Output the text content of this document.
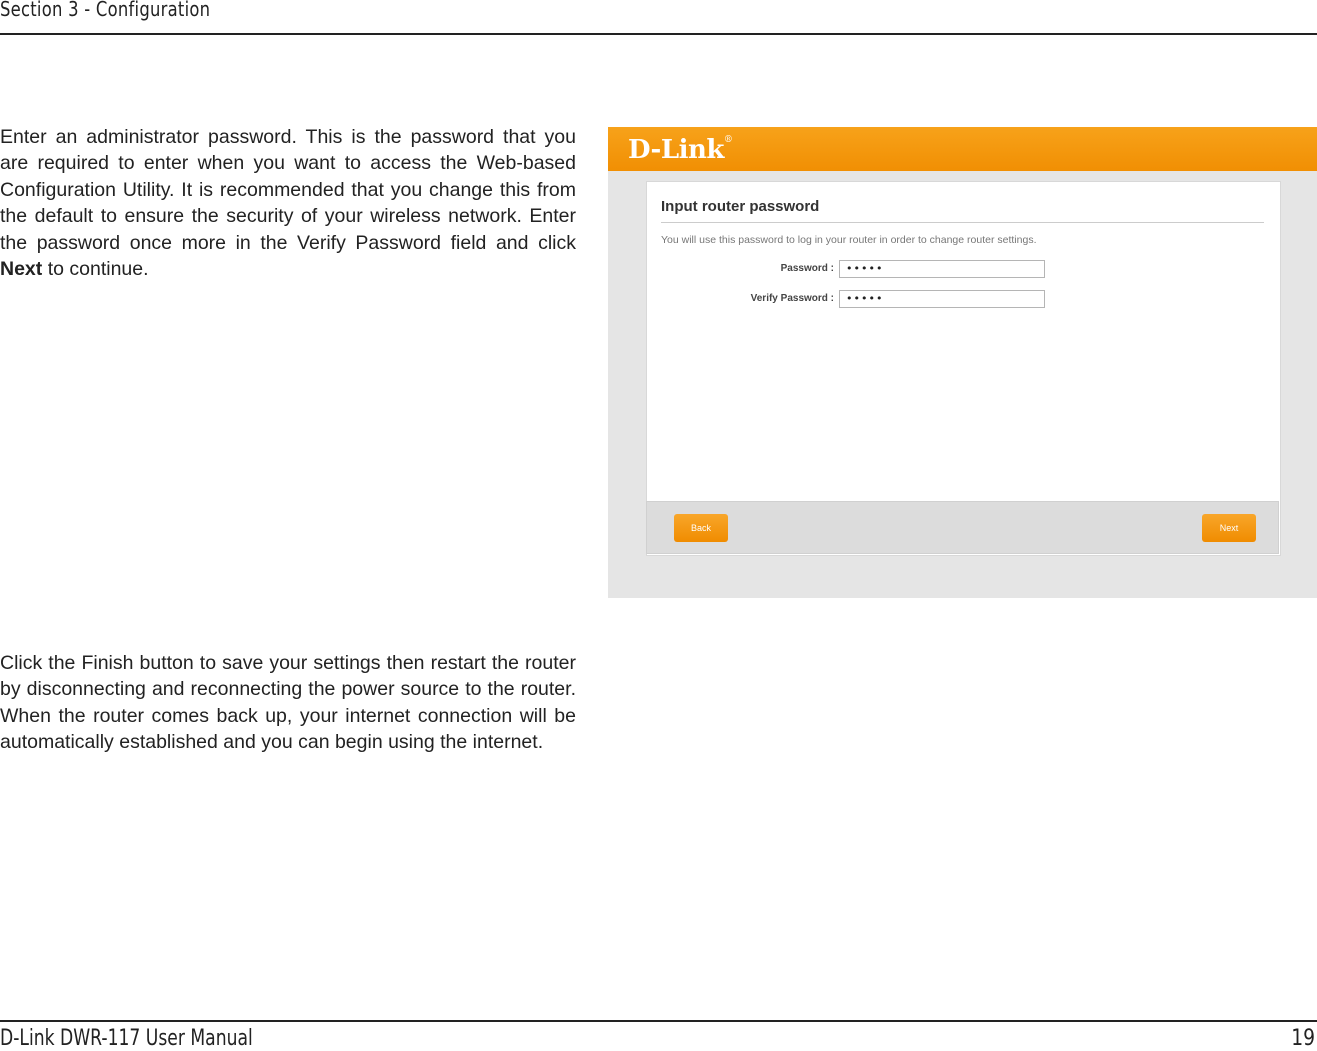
Section 3 - Configuration

Enter an administrator password. This is the password that you are required to enter when you want to access the Web-based Configuration Utility. It is recommended that you change this from the default to ensure the security of your wireless network. Enter the password once more in the Verify Password field and click Next to continue.

Click the Finish button to save your settings then restart the router by disconnecting and reconnecting the power source to the router. When the router comes back up, your internet connection will be automatically established and you can begin using the internet.

D-Link®
Input router password
You will use this password to log in your router in order to change router settings.
Password :	•••••
Verify Password :	•••••
Back	Next
D-Link DWR-117 User Manual	19
